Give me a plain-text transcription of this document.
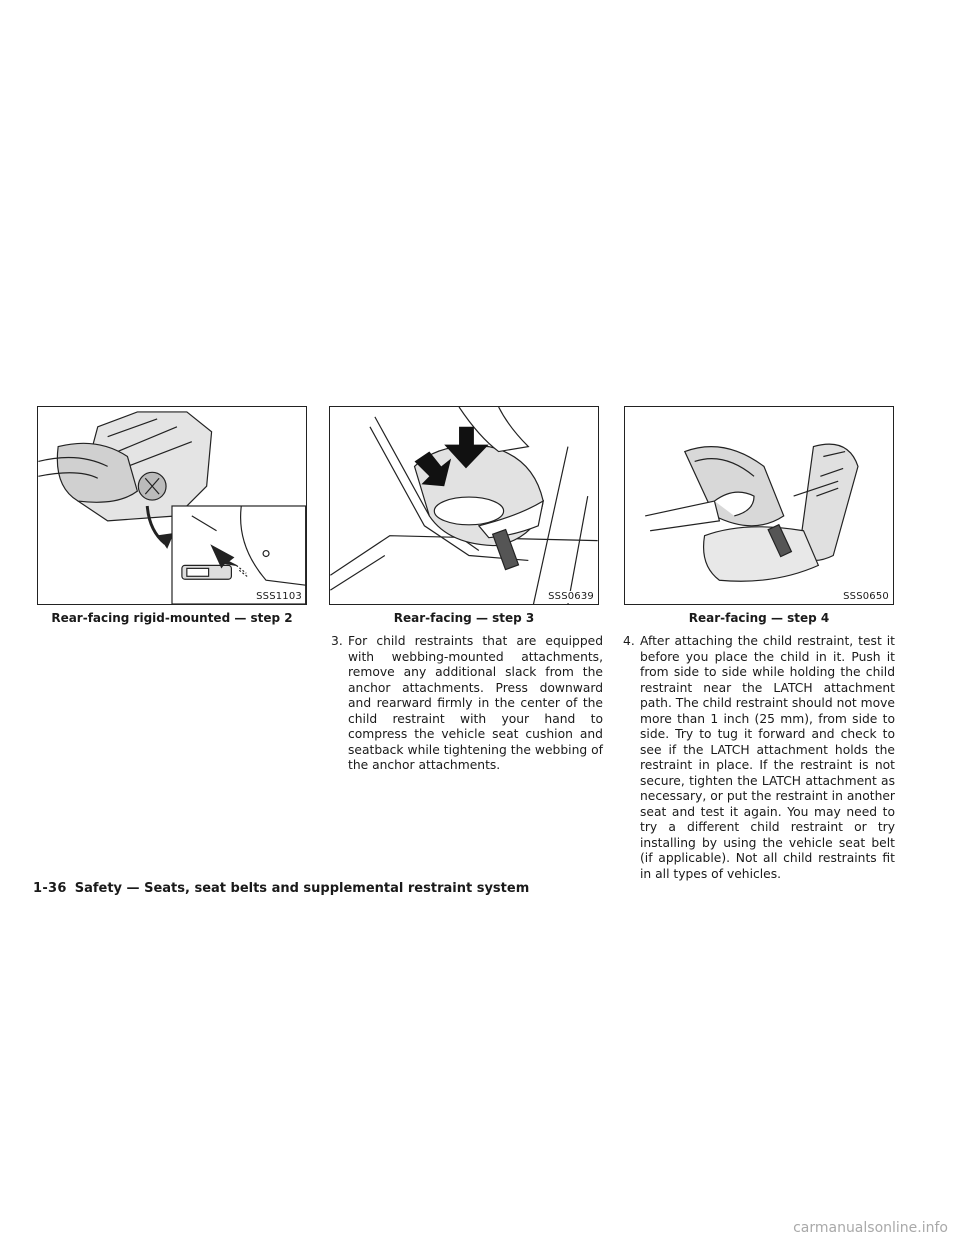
SSS1103	SSS0639	SSS0650
Rear-facing rigid-mounted — step 2	Rear-facing — step 3	Rear-facing — step 4
3. For child restraints that are equipped with webbing-mounted attachments, remove any additional slack from the anchor attachments. Press downward and rearward firmly in the center of the child restraint with your hand to compress the vehicle seat cushion and seatback while tightening the webbing of the anchor attachments.
4. After attaching the child restraint, test it before you place the child in it. Push it from side to side while holding the child restraint near the LATCH attachment path. The child restraint should not move more than 1 inch (25 mm), from side to side. Try to tug it forward and check to see if the LATCH attachment holds the restraint in place. If the restraint is not secure, tighten the LATCH attachment as necessary, or put the restraint in another seat and test it again. You may need to try a different child restraint or try installing by using the vehicle seat belt (if applicable). Not all child restraints fit in all types of vehicles.
1-36 Safety — Seats, seat belts and supplemental restraint system
carmanualsonline.info
